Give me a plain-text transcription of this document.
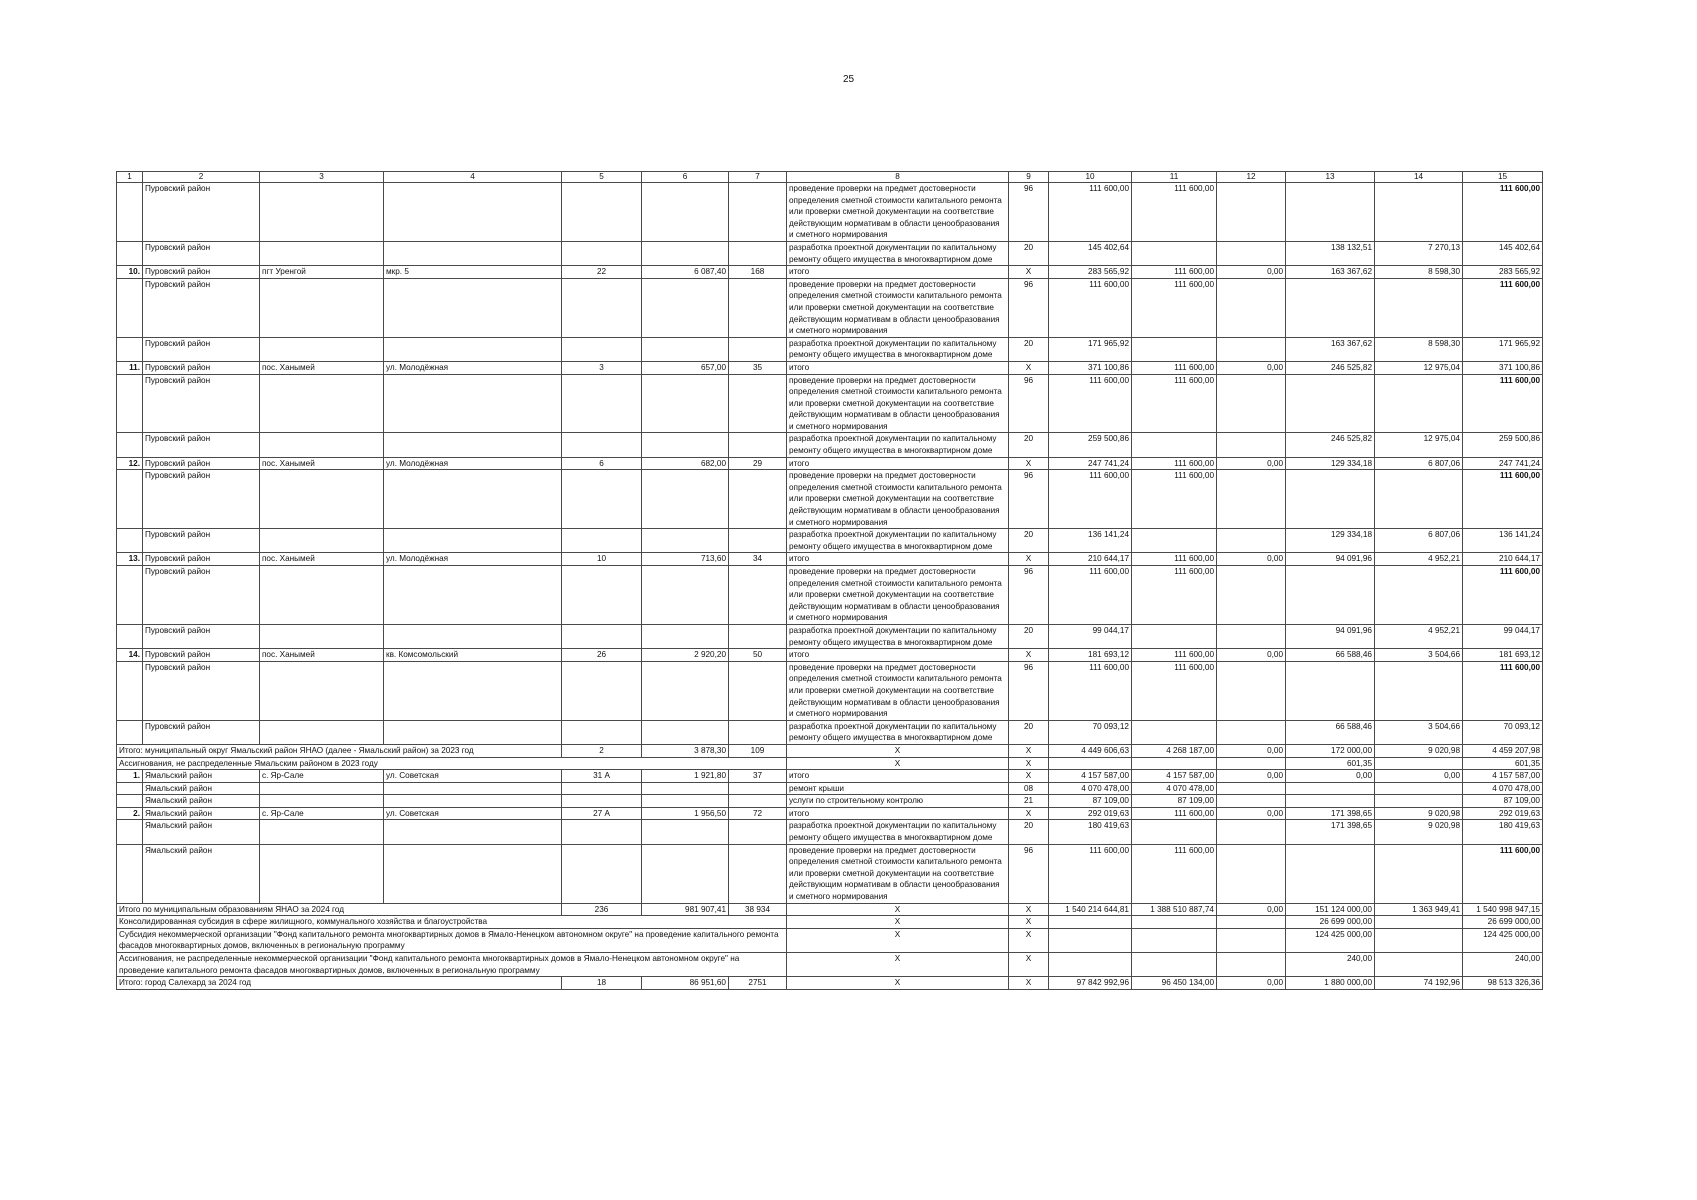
25
1	2	3	4	5	6	7	8	9	10	11	12	13	14	15
	Пуровский район						проведение проверки на предмет достоверности определения сметной стоимости капитального ремонта или проверки сметной документации на соответствие действующим нормативам в области ценообразования и сметного нормирования	96	111 600,00	111 600,00				111 600,00
	Пуровский район						разработка проектной документации по капитальному ремонту общего имущества в многоквартирном доме	20	145 402,64			138 132,51	7 270,13	145 402,64
10.	Пуровский район	пгт Уренгой	мкр. 5	22	6 087,40	168	итого	X	283 565,92	111 600,00	0,00	163 367,62	8 598,30	283 565,92
	Пуровский район						проведение проверки на предмет достоверности определения сметной стоимости капитального ремонта или проверки сметной документации на соответствие действующим нормативам в области ценообразования и сметного нормирования	96	111 600,00	111 600,00				111 600,00
	Пуровский район						разработка проектной документации по капитальному ремонту общего имущества в многоквартирном доме	20	171 965,92			163 367,62	8 598,30	171 965,92
11.	Пуровский район	пос. Ханымей	ул. Молодёжная	3	657,00	35	итого	X	371 100,86	111 600,00	0,00	246 525,82	12 975,04	371 100,86
	Пуровский район						проведение проверки на предмет достоверности определения сметной стоимости капитального ремонта или проверки сметной документации на соответствие действующим нормативам в области ценообразования и сметного нормирования	96	111 600,00	111 600,00				111 600,00
	Пуровский район						разработка проектной документации по капитальному ремонту общего имущества в многоквартирном доме	20	259 500,86			246 525,82	12 975,04	259 500,86
12.	Пуровский район	пос. Ханымей	ул. Молодёжная	6	682,00	29	итого	X	247 741,24	111 600,00	0,00	129 334,18	6 807,06	247 741,24
	Пуровский район						проведение проверки на предмет достоверности определения сметной стоимости капитального ремонта или проверки сметной документации на соответствие действующим нормативам в области ценообразования и сметного нормирования	96	111 600,00	111 600,00				111 600,00
	Пуровский район						разработка проектной документации по капитальному ремонту общего имущества в многоквартирном доме	20	136 141,24			129 334,18	6 807,06	136 141,24
13.	Пуровский район	пос. Ханымей	ул. Молодёжная	10	713,60	34	итого	X	210 644,17	111 600,00	0,00	94 091,96	4 952,21	210 644,17
	Пуровский район						проведение проверки на предмет достоверности определения сметной стоимости капитального ремонта или проверки сметной документации на соответствие действующим нормативам в области ценообразования и сметного нормирования	96	111 600,00	111 600,00				111 600,00
	Пуровский район						разработка проектной документации по капитальному ремонту общего имущества в многоквартирном доме	20	99 044,17			94 091,96	4 952,21	99 044,17
14.	Пуровский район	пос. Ханымей	кв. Комсомольский	26	2 920,20	50	итого	X	181 693,12	111 600,00	0,00	66 588,46	3 504,66	181 693,12
	Пуровский район						проведение проверки на предмет достоверности определения сметной стоимости капитального ремонта или проверки сметной документации на соответствие действующим нормативам в области ценообразования и сметного нормирования	96	111 600,00	111 600,00				111 600,00
	Пуровский район						разработка проектной документации по капитальному ремонту общего имущества в многоквартирном доме	20	70 093,12			66 588,46	3 504,66	70 093,12
Итого: муниципальный округ Ямальский район ЯНАО (далее - Ямальский район) за 2023 год				2	3 878,30	109	X	X	4 449 606,63	4 268 187,00	0,00	172 000,00	9 020,98	4 459 207,98
Ассигнования, не распределенные Ямальским районом в 2023 году							X	X				601,35		601,35
1.	Ямальский район	с. Яр-Сале	ул. Советская	31 А	1 921,80	37	итого	X	4 157 587,00	4 157 587,00	0,00	0,00	0,00	4 157 587,00
	Ямальский район						ремонт крыши	08	4 070 478,00	4 070 478,00				4 070 478,00
	Ямальский район						услуги по строительному контролю	21	87 109,00	87 109,00				87 109,00
2.	Ямальский район	с. Яр-Сале	ул. Советская	27 А	1 956,50	72	итого	X	292 019,63	111 600,00	0,00	171 398,65	9 020,98	292 019,63
	Ямальский район						разработка проектной документации по капитальному ремонту общего имущества в многоквартирном доме	20	180 419,63			171 398,65	9 020,98	180 419,63
	Ямальский район						проведение проверки на предмет достоверности определения сметной стоимости капитального ремонта или проверки сметной документации на соответствие действующим нормативам в области ценообразования и сметного нормирования	96	111 600,00	111 600,00				111 600,00
Итого по муниципальным образованиям ЯНАО за 2024 год				236	981 907,41	38 934	X	X	1 540 214 644,81	1 388 510 887,74	0,00	151 124 000,00	1 363 949,41	1 540 998 947,15
Консолидированная субсидия в сфере жилищного, коммунального хозяйства и благоустройства							X	X				26 699 000,00		26 699 000,00
Субсидия некоммерческой организации "Фонд капитального ремонта многоквартирных домов в Ямало-Ненецком автономном округе" на проведение капитального ремонта фасадов многоквартирных домов, включенных в региональную программу							X	X				124 425 000,00		124 425 000,00
Ассигнования, не распределенные некоммерческой организации "Фонд капитального ремонта многоквартирных домов в Ямало-Ненецком автономном округе" на проведение капитального ремонта фасадов многоквартирных домов, включенных в региональную программу							X	X				240,00		240,00
Итого: город Салехард за 2024 год				18	86 951,60	2751	X	X	97 842 992,96	96 450 134,00	0,00	1 880 000,00	74 192,96	98 513 326,36
